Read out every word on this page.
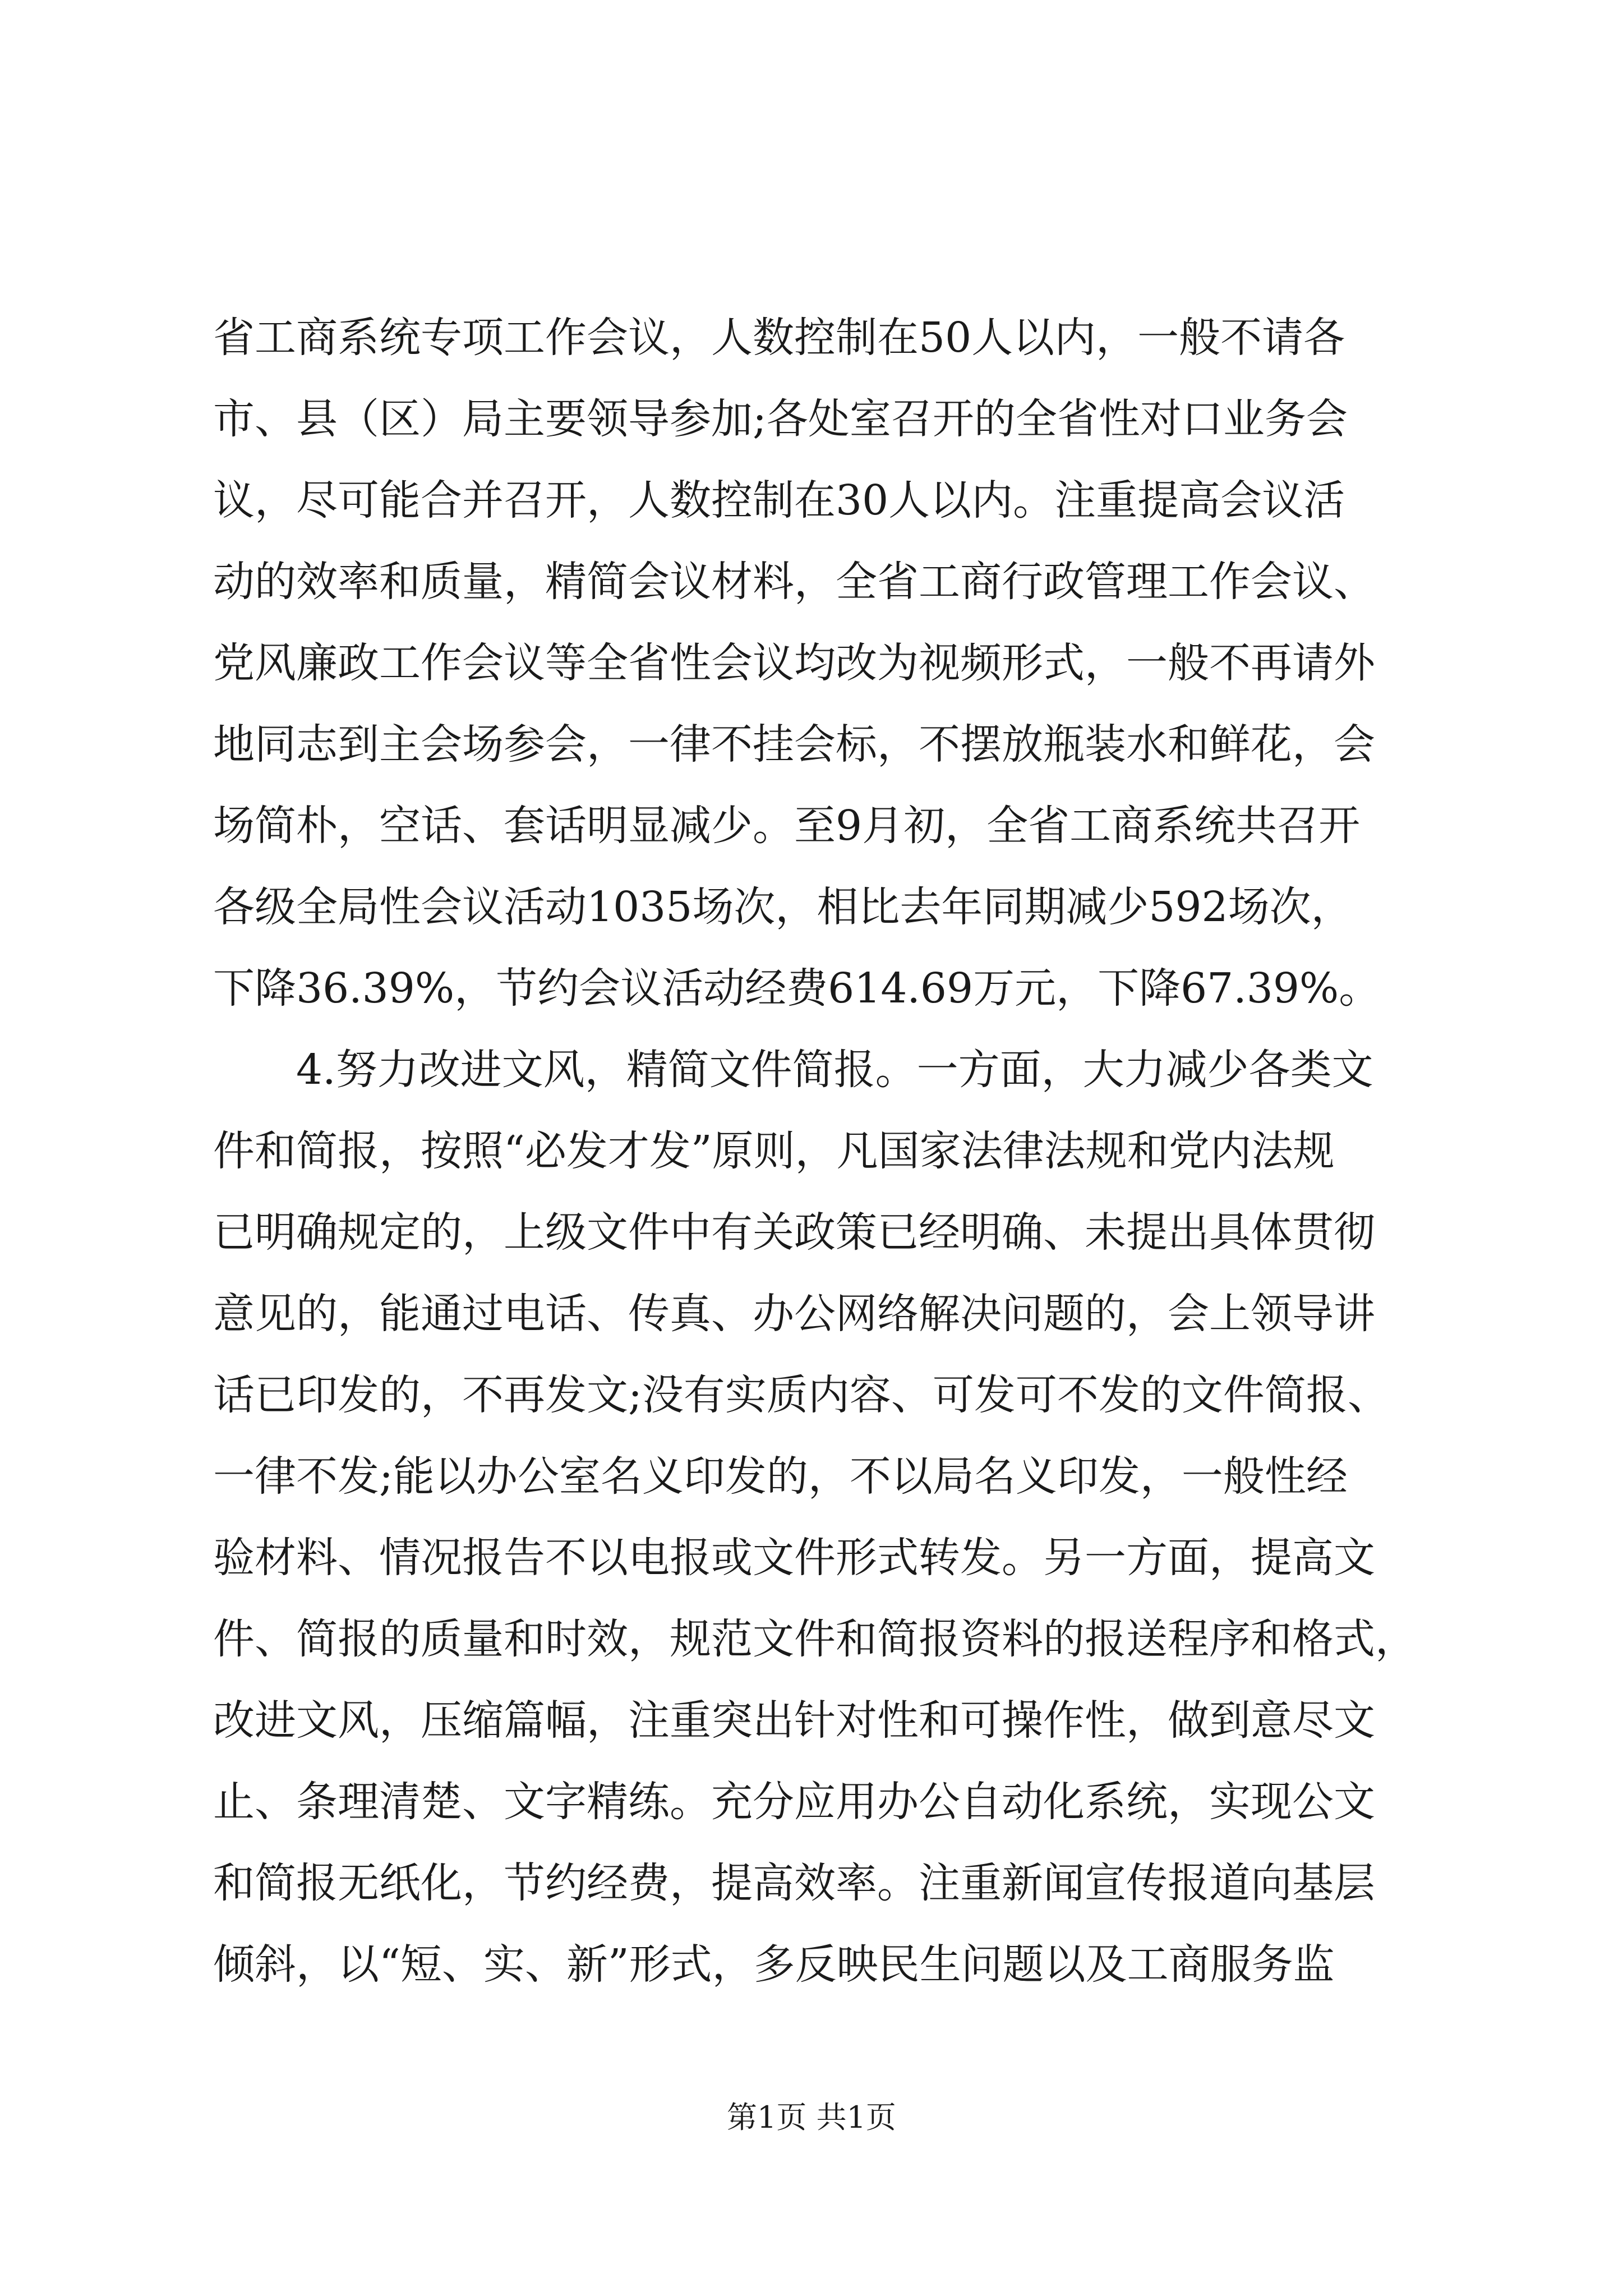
省工商系统专项工作会议，人数控制在50人以内，一般不请各
市、县（区）局主要领导参加;各处室召开的全省性对口业务会
议，尽可能合并召开，人数控制在30人以内。注重提高会议活
动的效率和质量，精简会议材料，全省工商行政管理工作会议、
党风廉政工作会议等全省性会议均改为视频形式，一般不再请外
地同志到主会场参会，一律不挂会标，不摆放瓶装水和鲜花，会
场简朴，空话、套话明显减少。至9月初，全省工商系统共召开
各级全局性会议活动1035场次，相比去年同期减少592场次，
下降36.39%，节约会议活动经费614.69万元，下降67.39%。
4.努力改进文风，精简文件简报。一方面，大力减少各类文
件和简报，按照“必发才发”原则，凡国家法律法规和党内法规
已明确规定的，上级文件中有关政策已经明确、未提出具体贯彻
意见的，能通过电话、传真、办公网络解决问题的，会上领导讲
话已印发的，不再发文;没有实质内容、可发可不发的文件简报、
一律不发;能以办公室名义印发的，不以局名义印发，一般性经
验材料、情况报告不以电报或文件形式转发。另一方面，提高文
件、简报的质量和时效，规范文件和简报资料的报送程序和格式，
改进文风，压缩篇幅，注重突出针对性和可操作性，做到意尽文
止、条理清楚、文字精练。充分应用办公自动化系统，实现公文
和简报无纸化，节约经费，提高效率。注重新闻宣传报道向基层
倾斜，以“短、实、新”形式，多反映民生问题以及工商服务监
第1页 共1页
